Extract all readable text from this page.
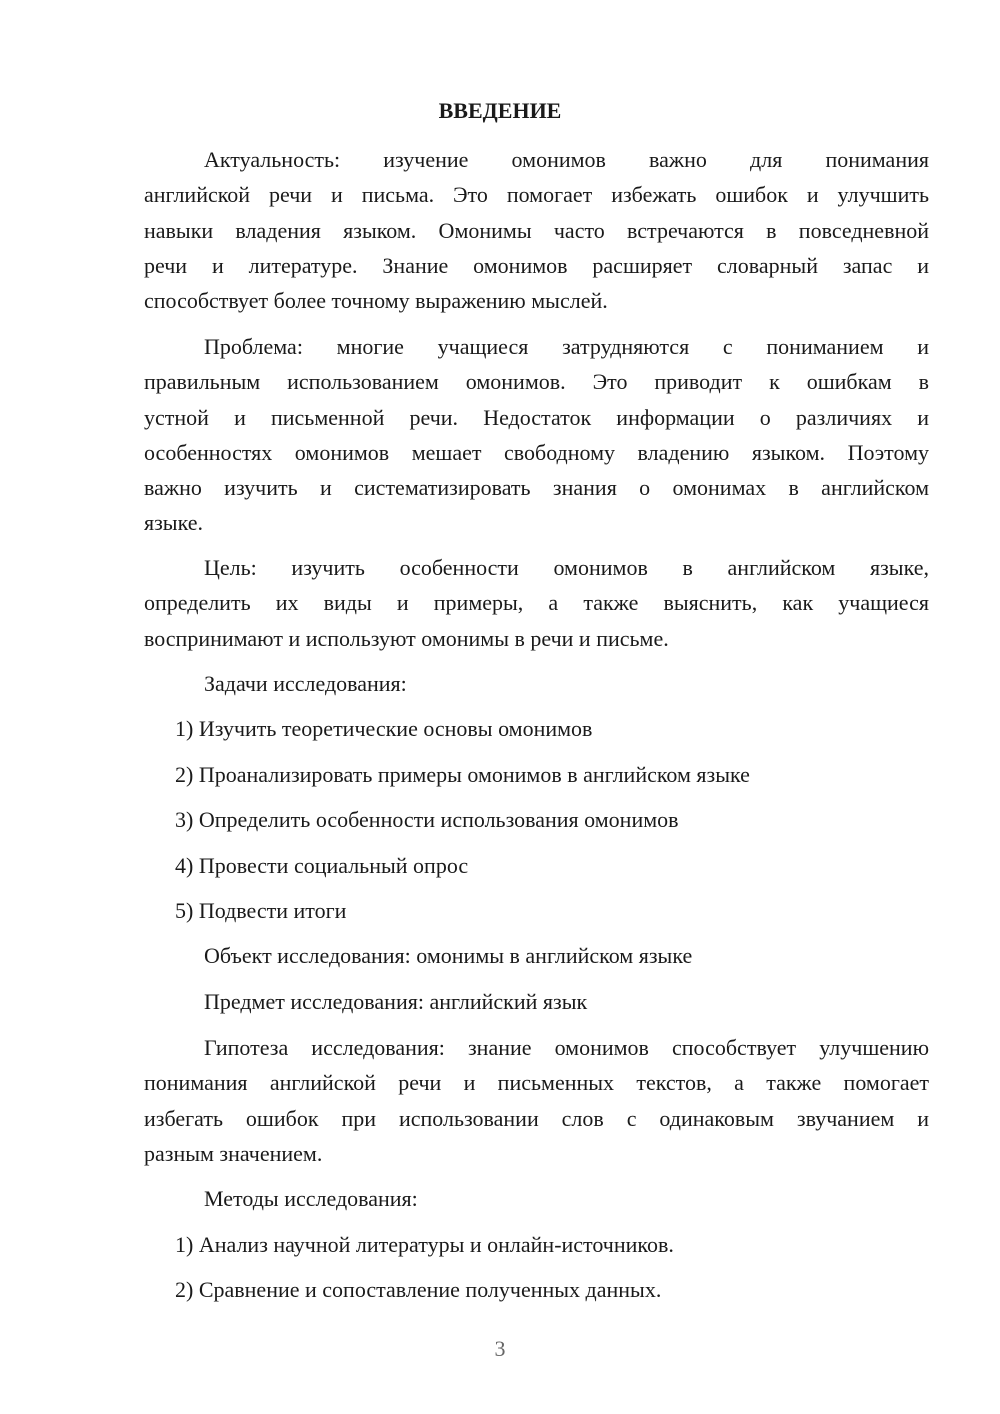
ВВЕДЕНИЕ
Актуальность: изучение омонимов важно для понимания
английской речи и письма. Это помогает избежать ошибок и улучшить
навыки владения языком. Омонимы часто встречаются в повседневной
речи и литературе. Знание омонимов расширяет словарный запас и
способствует более точному выражению мыслей.
Проблема: многие учащиеся затрудняются с пониманием и
правильным использованием омонимов. Это приводит к ошибкам в
устной и письменной речи. Недостаток информации о различиях и
особенностях омонимов мешает свободному владению языком. Поэтому
важно изучить и систематизировать знания о омонимах в английском
языке.
Цель: изучить особенности омонимов в английском языке,
определить их виды и примеры, а также выяснить, как учащиеся
воспринимают и используют омонимы в речи и письме.
Задачи исследования:
1) Изучить теоретические основы омонимов
2) Проанализировать примеры омонимов в английском языке
3) Определить особенности использования омонимов
4) Провести социальный опрос
5) Подвести итоги
Объект исследования: омонимы в английском языке
Предмет исследования: английский язык
Гипотеза исследования: знание омонимов способствует улучшению
понимания английской речи и письменных текстов, а также помогает
избегать ошибок при использовании слов с одинаковым звучанием и
разным значением.
Методы исследования:
1) Анализ научной литературы и онлайн-источников.
2) Сравнение и сопоставление полученных данных.
3
